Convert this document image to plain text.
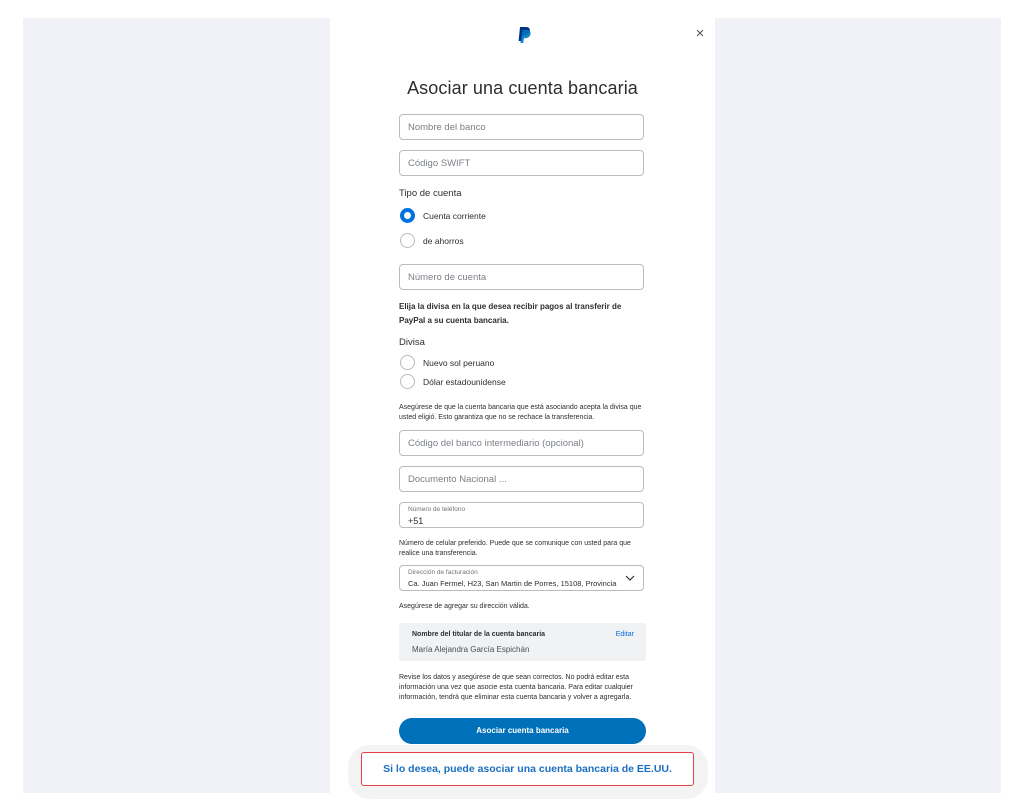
×
Asociar una cuenta bancaria
Nombre del banco
Código SWIFT
Tipo de cuenta
Cuenta corriente
de ahorros
Número de cuenta
Elija la divisa en la que desea recibir pagos al transferir de PayPal a su cuenta bancaria.
Divisa
Nuevo sol peruano
Dólar estadounidense
Asegúrese de que la cuenta bancaria que está asociando acepta la divisa que usted eligió. Esto garantiza que no se rechace la transferencia.
Código del banco intermediario (opcional)
Documento Nacional ...
Número de teléfono
+51
Número de celular preferido. Puede que se comunique con usted para que realice una transferencia.
Dirección de facturación
Ca. Juan Fermel, H23, San Martin de Porres, 15108, Provincia
Asegúrese de agregar su dirección válida.
Nombre del titular de la cuenta bancaria	Editar
María Alejandra García Espichán
Revise los datos y asegúrese de que sean correctos. No podrá editar esta información una vez que asocie esta cuenta bancaria. Para editar cualquier información, tendrá que eliminar esta cuenta bancaria y volver a agregarla.
Asociar cuenta bancaria
Si lo desea, puede asociar una cuenta bancaria de EE.UU.
